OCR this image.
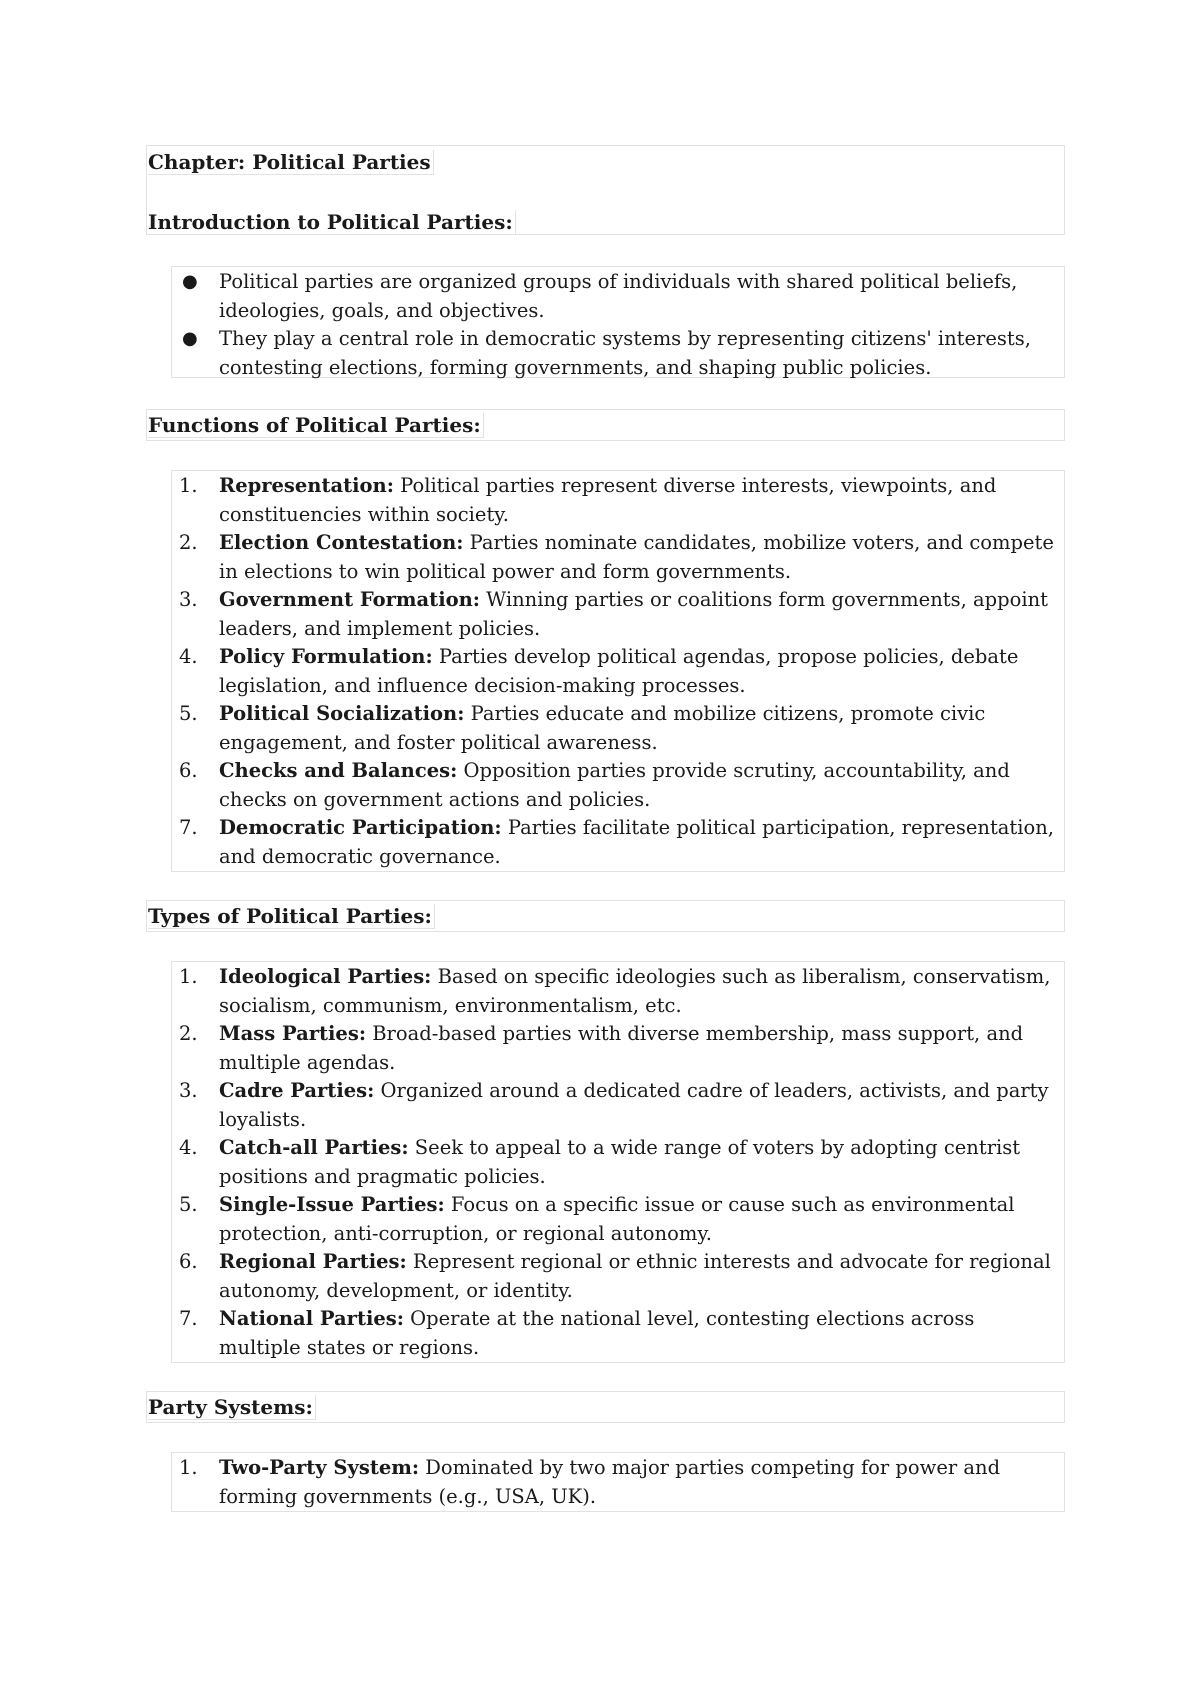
Chapter: Political Parties
Introduction to Political Parties:
● Political parties are organized groups of individuals with shared political beliefs, ideologies, goals, and objectives.
● They play a central role in democratic systems by representing citizens' interests, contesting elections, forming governments, and shaping public policies.
Functions of Political Parties:
1.	Representation: Political parties represent diverse interests, viewpoints, and constituencies within society.
2.	Election Contestation: Parties nominate candidates, mobilize voters, and compete in elections to win political power and form governments.
3.	Government Formation: Winning parties or coalitions form governments, appoint leaders, and implement policies.
4.	Policy Formulation: Parties develop political agendas, propose policies, debate legislation, and influence decision-making processes.
5.	Political Socialization: Parties educate and mobilize citizens, promote civic engagement, and foster political awareness.
6.	Checks and Balances: Opposition parties provide scrutiny, accountability, and checks on government actions and policies.
7.	Democratic Participation: Parties facilitate political participation, representation, and democratic governance.
Types of Political Parties:
1.	Ideological Parties: Based on specific ideologies such as liberalism, conservatism, socialism, communism, environmentalism, etc.
2.	Mass Parties: Broad-based parties with diverse membership, mass support, and multiple agendas.
3.	Cadre Parties: Organized around a dedicated cadre of leaders, activists, and party loyalists.
4.	Catch-all Parties: Seek to appeal to a wide range of voters by adopting centrist positions and pragmatic policies.
5.	Single-Issue Parties: Focus on a specific issue or cause such as environmental protection, anti-corruption, or regional autonomy.
6.	Regional Parties: Represent regional or ethnic interests and advocate for regional autonomy, development, or identity.
7.	National Parties: Operate at the national level, contesting elections across multiple states or regions.
Party Systems:
1.	Two-Party System: Dominated by two major parties competing for power and forming governments (e.g., USA, UK).
